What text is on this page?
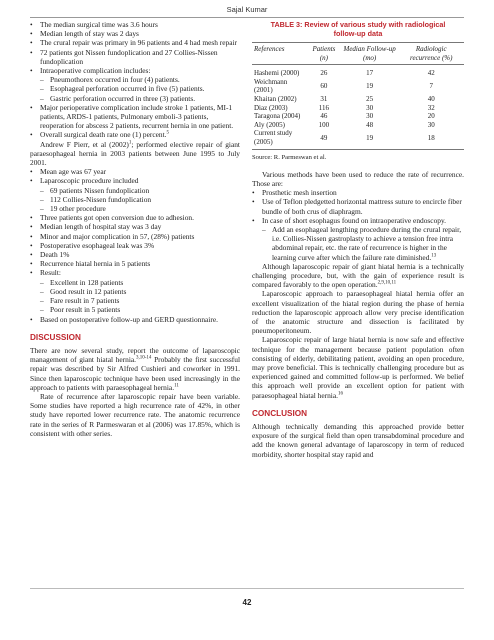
Sajal Kumar
• The median surgical time was 3.6 hours
• Median length of stay was 2 days
• The crural repair was primary in 96 patients and 4 had mesh repair
• 72 patients got Nissen fundoplication and 27 Collies-Nissen fundoplication
• Intraoperative complication includes:
– Pneumothorex occurred in four (4) patients.
– Esophageal perforation occurred in five (5) patients.
– Gastric perforation occurred in three (3) patients.
• Major perioperative complication include stroke 1 patients, MI-1 patients, ARDS-1 patients, Pulmonary emboli-3 patients, reoperation for abscess 2 patients, recurrent hernia in one patient.
• Overall surgical death rate one (1) percent.$^5$

Andrew F Pierr, et al $(2002)^1$; performed elective repair of giant paraesophageal hernia in 2003 patients between June 1995 to July 2001.

• Mean age was 67 year
• Laparoscopic procedure included
– 69 patients Nissen fundoplication
– 112 Collies-Nissen fundoplication
– 19 other procedure
• Three patients got open conversion due to adhesion.
• Median length of hospital stay was 3 day
• Minor and major complication in 57, (28%) patients
• Postoperative esophageal leak was 3%
• Death 1%
• Recurrence hiatal hernia in 5 patients
• Result:
– Excellent in 128 patients
– Good result in 12 patients
– Fare result in 7 patients
– Poor result in 5 patients
• Based on postoperative follow-up and GERD questionnaire.
DISCUSSION

There are now several study, report the outcome of laparoscopic management of giant hiatal hernia.$^{3,10-14}$ Probably the first successful repair was described by Sir Alfred Cushieri and coworker in 1991. Since then laparoscopic technique have been used increasingly in the approach to patients with paraesophageal hernia.$^{11}$

Rate of recurrence after laparoscopic repair have been variable. Some studies have reported a high recurrence rate of 42%, in other study have reported lower recurrence rate. The anatomic recurrence rate in the series of R Parmeswaran et al (2006) was 17.85%, which is consistent with other series.

TABLE 3: Review of various study with radiological
follow-up data
References	Patients (n)	Median Follow-up (mo)	Radiologic recurrence (%)
Hashemi (2000)	26	17	42
Weichmann (2001)	60	19	7
Khaitan (2002)	31	25	40
Diaz (2003)	116	30	32
Taragona (2004)	46	30	20
Aly (2005)	100	48	30
Current study (2005)	49	19	18
Source: R. Parmeswan et al.

Various methods have been used to reduce the rate of recurrence. Those are:

• Prosthetic mesh insertion
• Use of Teflon pledgetted horizontal mattress suture to encircle fiber bundle of both crus of diaphragm.
• In case of short esophagus found on intraoperative endoscopy.
– Add an esophageal lengthing procedure during the crural repair, i.e. Collies-Nissen gastroplasty to achieve a tension free intra abdominal repair, etc. the rate of recurrence is higher in the learning curve after which the failure rate diminished.$^{13}$

Although laparoscopic repair of giant hiatal hernia is a technically challenging procedure, but, with the gain of experience result is compared favorably to the open operation.$^{2,9,10,11}$

Laparoscopic approach to paraesophageal hiatal hernia offer an excellent visualization of the hiatal region during the phase of hernia reduction the laparoscopic approach allow very precise identification of the anatomic structure and dissection is facilitated by pneumoperitoneum.

Laparoscopic repair of large hiatal hernia is now safe and effective technique for the management because patient population often consisting of elderly, debilitating patient, avoiding an open procedure, may prove beneficial. This is technically challenging procedure but as experienced gained and committed follow-up is performed. We belief this approach well provide an excellent option for patient with paraesophageal hiatal hernia.$^{16}$

CONCLUSION

Although technically demanding this approached provide better exposure of the surgical field than open transabdominal procedure and add the known general advantage of laparoscopy in term of reduced morbidity, shorter hospital stay rapid and

42
